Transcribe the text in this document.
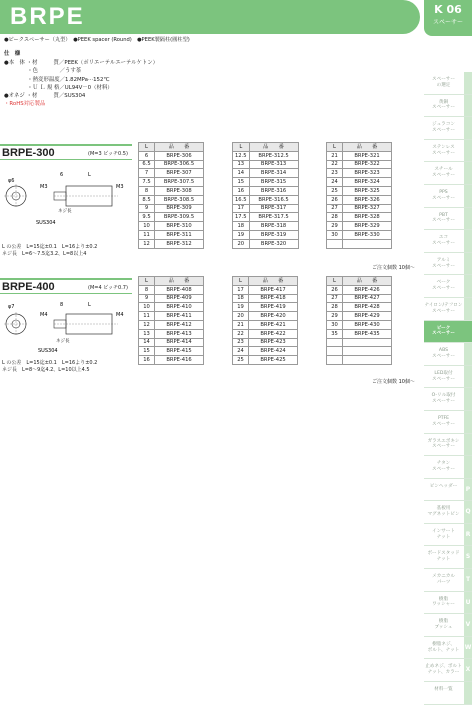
BRPE	K 06
スペーサー
●ピークスペーサー（丸型）　●PEEK spacer (Round)　●PEEK製隔柱(圓柱型)
仕　様
●本　体 ・材　　　質／PEEK（ポリエーテルエーテルケトン）
　　　　 ・色　　　　／うす茶
　　　　 ・熱変形温度／1.82MPa···152℃
　　　　 ・Ｕ Ｌ 規 格／UL94V－0（材料）
●オネジ ・材　　　質／SUS304
・RoHS対応製品
BRPE-300	(M=3 ピッチ0.5)
φ6
6	L
M3	M3
ネジ長
SUS304
L の公差　L=15迄±0.1　L=16より±0.2
ネジ長　L=6～7.5迄3.2、L=8以上4
L	品　　番
6	BRPE-306
6.5	BRPE-306.5
7	BRPE-307
7.5	BRPE-307.5
8	BRPE-308
8.5	BRPE-308.5
9	BRPE-309
9.5	BRPE-309.5
10	BRPE-310
11	BRPE-311
12	BRPE-312
L	品　　番
12.5	BRPE-312.5
13	BRPE-313
14	BRPE-314
15	BRPE-315
16	BRPE-316
16.5	BRPE-316.5
17	BRPE-317
17.5	BRPE-317.5
18	BRPE-318
19	BRPE-319
20	BRPE-320
L	品　　番
21	BRPE-321
22	BRPE-322
23	BRPE-323
24	BRPE-324
25	BRPE-325
26	BRPE-326
27	BRPE-327
28	BRPE-328
29	BRPE-329
30	BRPE-330

ご注文個数 10個～
BRPE-400	(M=4 ピッチ0.7)
φ7	8	L
M4	M4
ネジ長
SUS304
L の公差　L=15迄±0.1　L=16より±0.2
ネジ長　L=8～9迄4.2、L=10以上4.5
L	品　　番
8	BRPE-408
9	BRPE-409
10	BRPE-410
11	BRPE-411
12	BRPE-412
13	BRPE-413
14	BRPE-414
15	BRPE-415
16	BRPE-416
L	品　　番
17	BRPE-417
18	BRPE-418
19	BRPE-419
20	BRPE-420
21	BRPE-421
22	BRPE-422
23	BRPE-423
24	BRPE-424
25	BRPE-425
L	品　　番
26	BRPE-426
27	BRPE-427
28	BRPE-428
29	BRPE-429
30	BRPE-430
35	BRPE-435

ご注文個数 10個～
スペーサー
の選定
黄銅
スペーサー
ジュラコン
スペーサー
ステンレス
スペーサー
スチール
スペーサー
PPS
スペーサー
PBT
スペーサー
エコ
スペーサー
アルミ
スペーサー
ベーク
スペーサー
ナイロン/テフロン
スペーサー
ピーク
スペーサー
ABS
スペーサー
LED取付
スペーサー
O-リル取付
スペーサー
PTFE
スペーサー
ガラスエポキシ
スペーサー
チタン
スペーサー
ピンヘッダー	P
基板用
マグネットピン Q
インサート
ナット	R
ボードスタッド
ナット	S
メカニカル
パーツ	T
樹脂
ワッシャー	U
樹脂
ブッシュ	V
樹脂ネジ、
ボルト、ナット W
止めネジ、ボルト
ナット、カラー	X
材料一覧
